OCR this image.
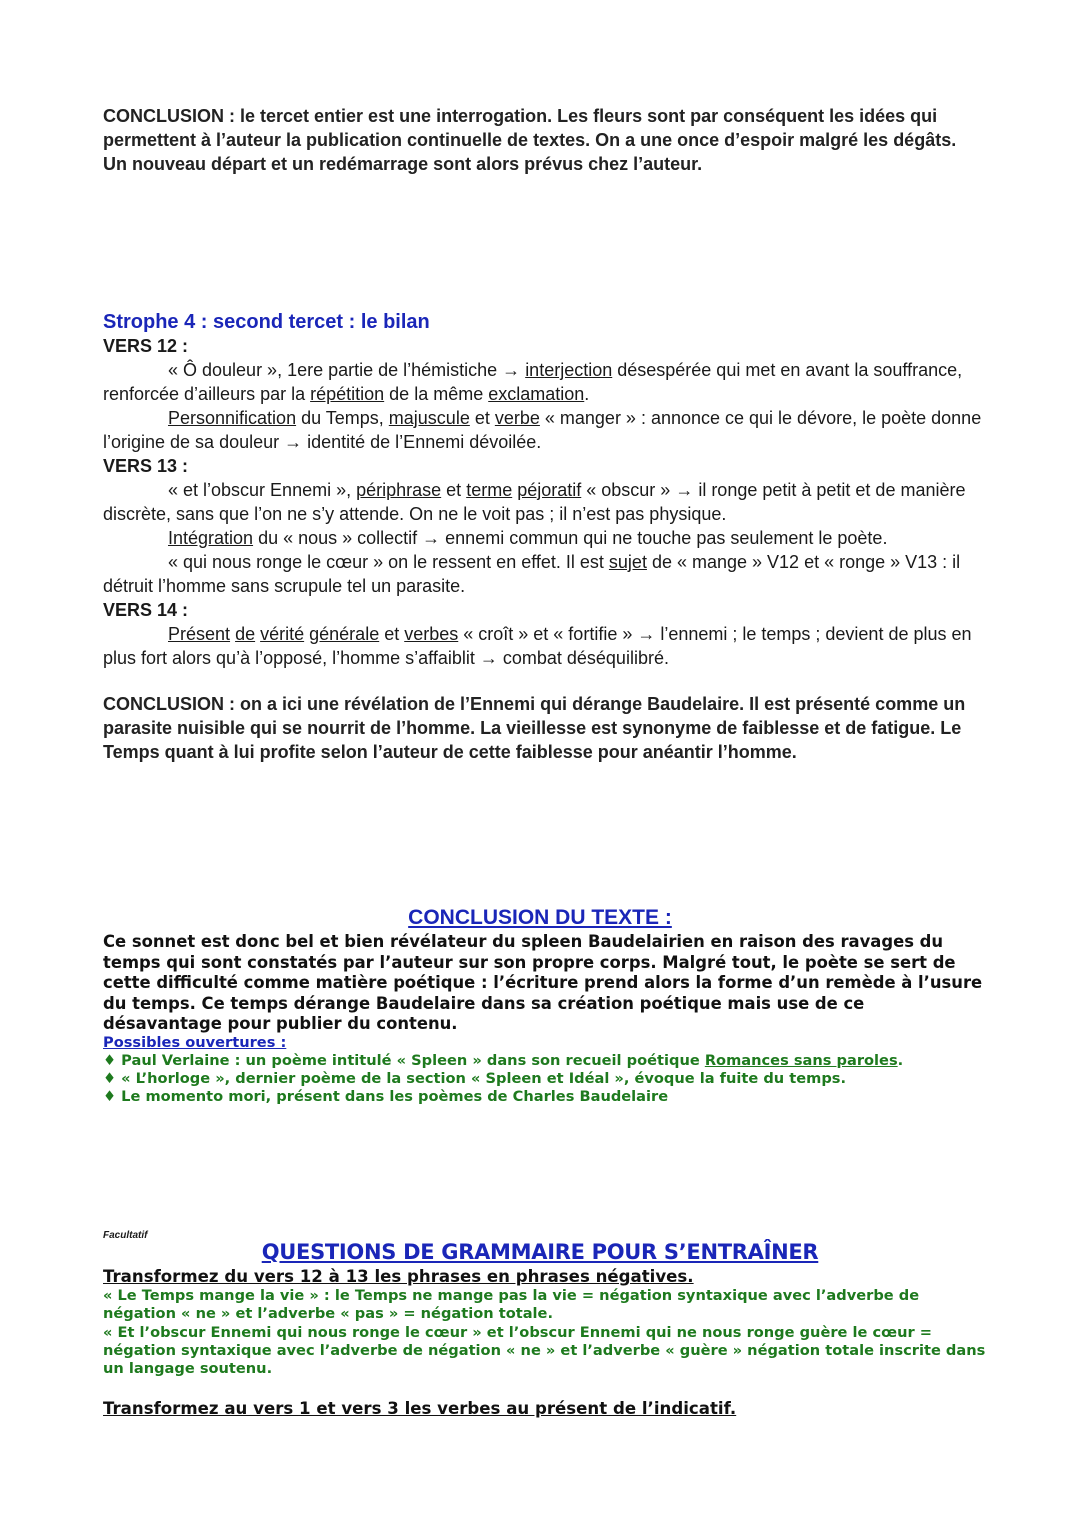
CONCLUSION : le tercet entier est une interrogation. Les fleurs sont par conséquent les idées qui permettent à l’auteur la publication continuelle de textes. On a une once d’espoir malgré les dégâts. Un nouveau départ et un redémarrage sont alors prévus chez l’auteur.
Strophe 4 : second tercet : le bilan
VERS 12 :

« Ô douleur », 1ere partie de l’hémistiche → interjection désespérée qui met en avant la souffrance, renforcée d’ailleurs par la répétition de la même exclamation.

Personnification du Temps, majuscule et verbe « manger » : annonce ce qui le dévore, le poète donne l’origine de sa douleur → identité de l’Ennemi dévoilée.

VERS 13 :

« et l’obscur Ennemi », périphrase et terme péjoratif « obscur » → il ronge petit à petit et de manière discrète, sans que l’on ne s’y attende. On ne le voit pas ; il n’est pas physique.

Intégration du « nous » collectif → ennemi commun qui ne touche pas seulement le poète.

« qui nous ronge le cœur » on le ressent en effet. Il est sujet de « mange » V12 et « ronge » V13 : il détruit l’homme sans scrupule tel un parasite.

VERS 14 :

Présent de vérité générale et verbes « croît » et « fortifie » → l’ennemi ; le temps ; devient de plus en plus fort alors qu’à l’opposé, l’homme s’affaiblit → combat déséquilibré.

CONCLUSION : on a ici une révélation de l’Ennemi qui dérange Baudelaire. Il est présenté comme un parasite nuisible qui se nourrit de l’homme. La vieillesse est synonyme de faiblesse et de fatigue. Le Temps quant à lui profite selon l’auteur de cette faiblesse pour anéantir l’homme.
CONCLUSION DU TEXTE :
Ce sonnet est donc bel et bien révélateur du spleen Baudelairien en raison des ravages du temps qui sont constatés par l’auteur sur son propre corps. Malgré tout, le poète se sert de cette difficulté comme matière poétique : l’écriture prend alors la forme d’un remède à l’usure du temps. Ce temps dérange Baudelaire dans sa création poétique mais use de ce désavantage pour publier du contenu.
Possibles ouvertures :
♦ Paul Verlaine : un poème intitulé « Spleen » dans son recueil poétique Romances sans paroles.
♦ « L’horloge », dernier poème de la section « Spleen et Idéal », évoque la fuite du temps.
♦ Le momento mori, présent dans les poèmes de Charles Baudelaire
Facultatif
QUESTIONS DE GRAMMAIRE POUR S’ENTRAÎNER
Transformez du vers 12 à 13 les phrases en phrases négatives.
« Le Temps mange la vie » : le Temps ne mange pas la vie = négation syntaxique avec l’adverbe de négation « ne » et l’adverbe « pas » = négation totale.
« Et l’obscur Ennemi qui nous ronge le cœur » et l’obscur Ennemi qui ne nous ronge guère le cœur = négation syntaxique avec l’adverbe de négation « ne » et l’adverbe « guère » négation totale inscrite dans un langage soutenu.
Transformez au vers 1 et vers 3 les verbes au présent de l’indicatif.
